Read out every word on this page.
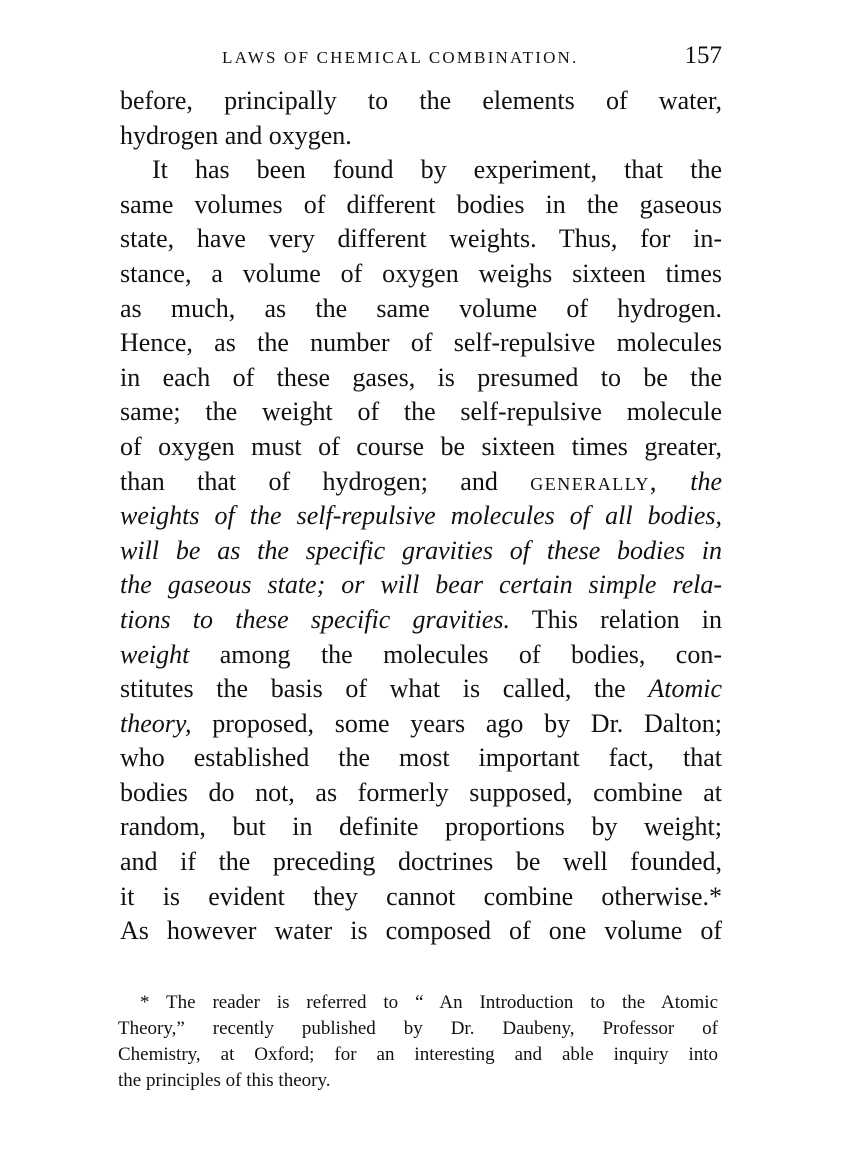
LAWS OF CHEMICAL COMBINATION.	157
before, principally to the elements of water,
hydrogen and oxygen.
It has been found by experiment, that the
same volumes of different bodies in the gaseous
state, have very different weights. Thus, for in-
stance, a volume of oxygen weighs sixteen times
as much, as the same volume of hydrogen.
Hence, as the number of self-repulsive molecules
in each of these gases, is presumed to be the
same; the weight of the self-repulsive molecule
of oxygen must of course be sixteen times greater,
than that of hydrogen; and generally, the
weights of the self-repulsive molecules of all bodies,
will be as the specific gravities of these bodies in
the gaseous state; or will bear certain simple rela-
tions to these specific gravities. This relation in
weight among the molecules of bodies, con-
stitutes the basis of what is called, the Atomic
theory, proposed, some years ago by Dr. Dalton;
who established the most important fact, that
bodies do not, as formerly supposed, combine at
random, but in definite proportions by weight;
and if the preceding doctrines be well founded,
it is evident they cannot combine otherwise.*
As however water is composed of one volume of
* The reader is referred to “ An Introduction to the Atomic
Theory,” recently published by Dr. Daubeny, Professor of
Chemistry, at Oxford; for an interesting and able inquiry into
the principles of this theory.
